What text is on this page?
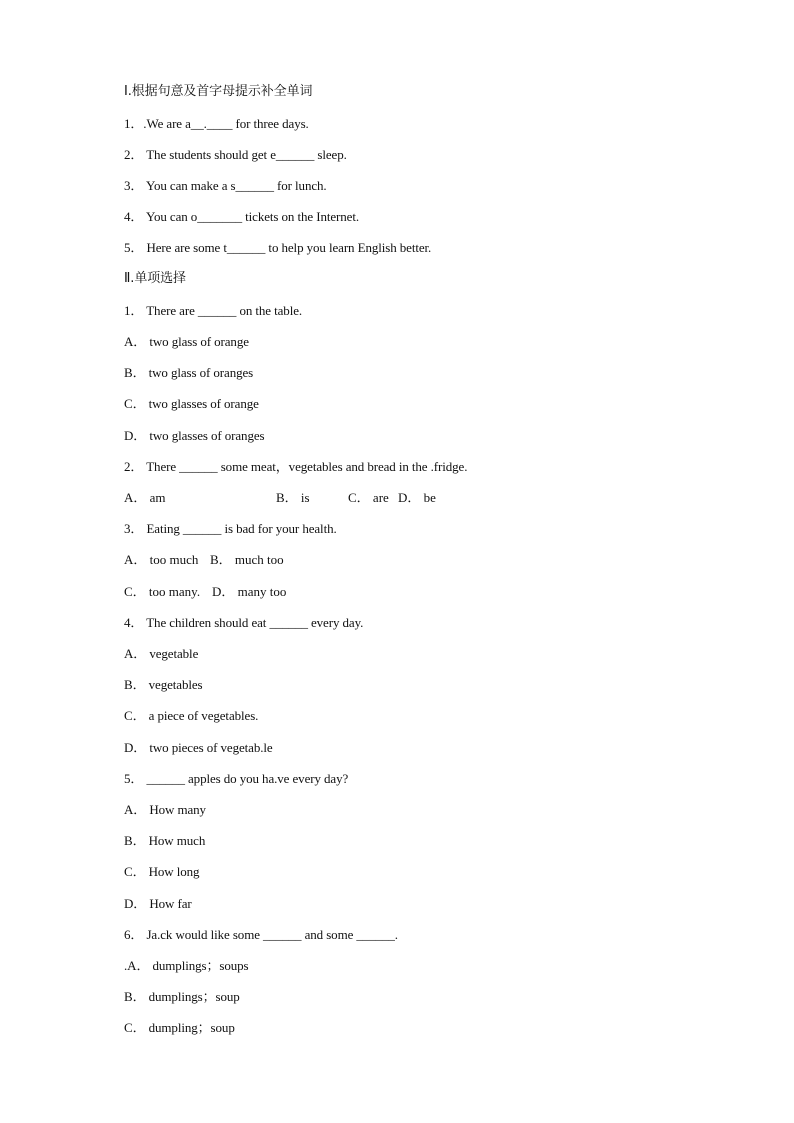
Ⅰ.根据句意及首字母提示补全单词
1．.We are a__.____ for three days.
2． The students should get e______ sleep.
3． You can make a s______ for lunch.
4． You can o_______ tickets on the Internet.
5． Here are some t______ to help you learn English better.
Ⅱ.单项选择
1． There are ______ on the table.
A． two glass of orange
B． two glass of oranges
C． two glasses of orange
D． two glasses of oranges
2． There ______ some meat，vegetables and bread in the .fridge.

A． am

	B． is

	C． are

D． be

3． Eating ______ is bad for your health.

A． too much

B． much too

C． too many.

D． many too

4． The children should eat ______ every day.
A． vegetable
B． vegetables
C． a piece of vegetables.
D． two pieces of vegetab.le
5． ______ apples do you ha.ve every day?
A． How many
B． How much
C． How long
D． How far
6． Ja.ck would like some ______ and some ______.
.A． dumplings；soups
B． dumplings；soup
C． dumpling；soup
